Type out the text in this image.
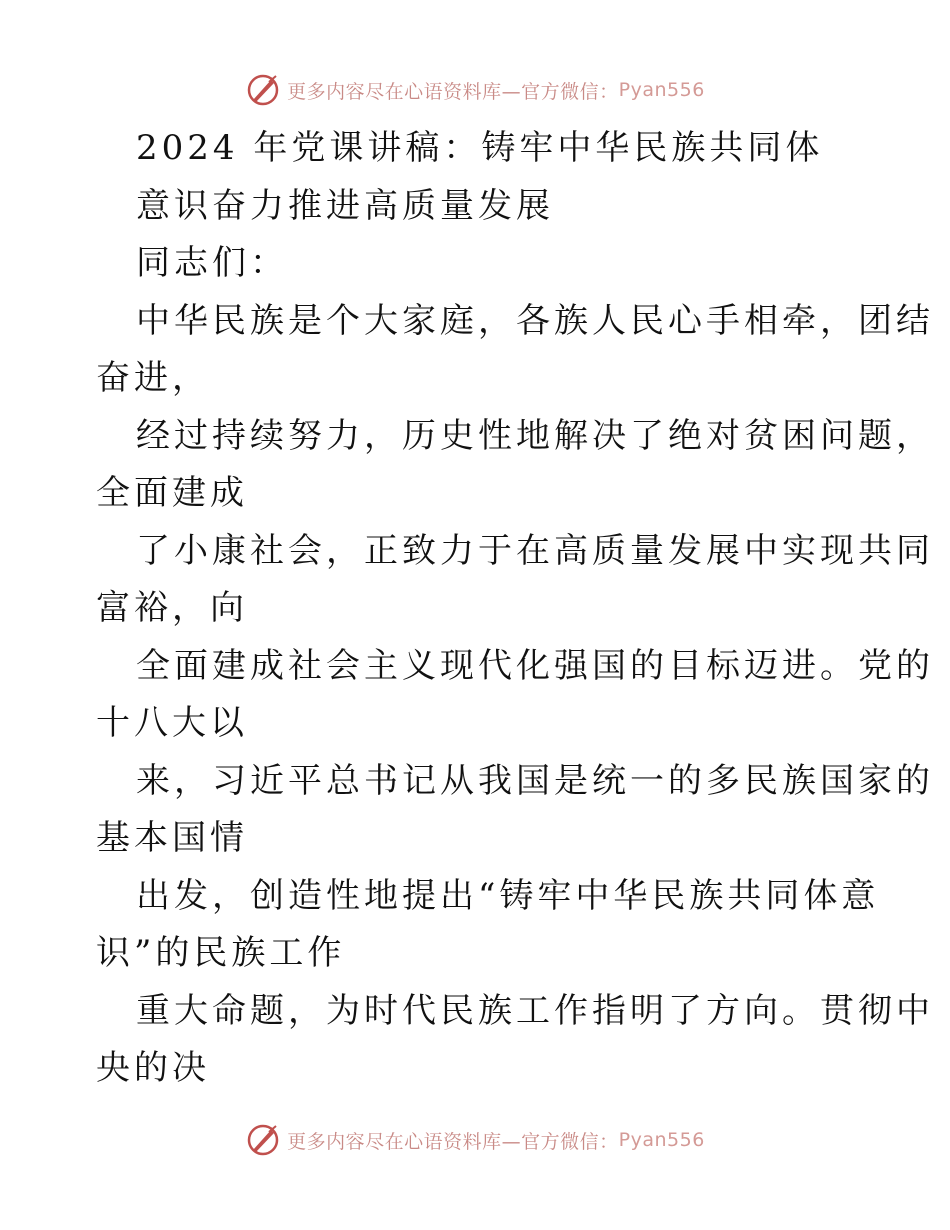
更多内容尽在心语资料库—官方微信： Pyan556

2024 年党课讲稿：铸牢中华民族共同体

意识奋力推进高质量发展

同志们：

中华民族是个大家庭，各族人民心手相牵，团结

奋进，

经过持续努力，历史性地解决了绝对贫困问题，

全面建成

了小康社会，正致力于在高质量发展中实现共同

富裕，向

全面建成社会主义现代化强国的目标迈进。党的

十八大以

来，习近平总书记从我国是统一的多民族国家的

基本国情

出发，创造性地提出“铸牢中华民族共同体意

识”的民族工作

重大命题，为时代民族工作指明了方向。贯彻中

央的决

更多内容尽在心语资料库—官方微信： Pyan556
